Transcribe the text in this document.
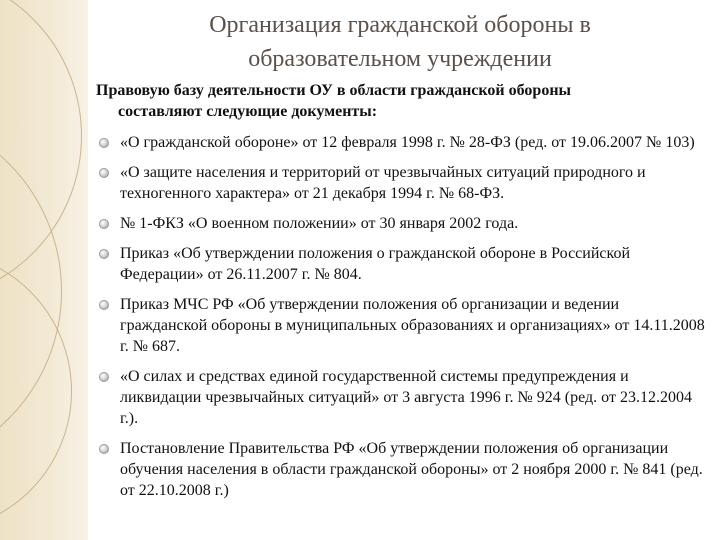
Организация гражданской обороны в
образовательном учреждении

Правовую базу деятельности ОУ в области гражданской обороны
составляют следующие документы:

«О гражданской обороне» от 12 февраля 1998 г. № 28-ФЗ (ред. от 19.06.2007 № 103)
«О защите населения и территорий от чрезвычайных ситуаций природного и техногенного характера» от 21 декабря 1994 г. № 68-ФЗ.
№ 1-ФКЗ «О военном положении» от 30 января 2002 года.
Приказ «Об утверждении положения о гражданской обороне в Российской Федерации» от 26.11.2007 г. № 804.
Приказ МЧС РФ «Об утверждении положения об организации и ведении гражданской обороны в муниципальных образованиях и организациях» от 14.11.2008 г. № 687.
«О силах и средствах единой государственной системы предупреждения и ликвидации чрезвычайных ситуаций» от 3 августа 1996 г. № 924 (ред. от 23.12.2004 г.).
Постановление Правительства РФ «Об утверждении положения об организации обучения населения в области гражданской обороны» от 2 ноября 2000 г. № 841 (ред. от 22.10.2008 г.)
